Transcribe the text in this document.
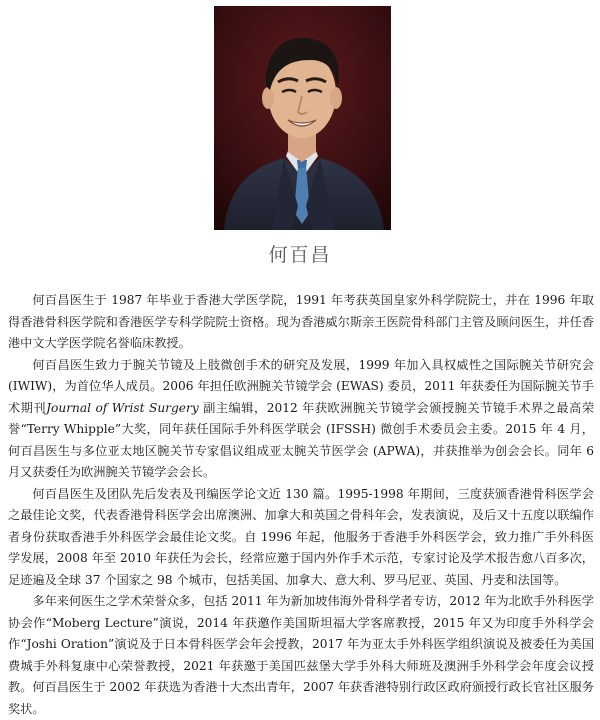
何百昌

何百昌医生于 1987 年毕业于香港大学医学院，1991 年考获英国皇家外科学院院士，并在 1996 年取得香港骨科医学院和香港医学专科学院院士资格。现为香港威尔斯亲王医院骨科部门主管及顾问医生，并任香港中文大学医学院名誉临床教授。

何百昌医生致力于腕关节镜及上肢微创手术的研究及发展，1999 年加入具权威性之国际腕关节研究会 (IWIW)，为首位华人成员。2006 年担任欧洲腕关节镜学会 (EWAS) 委员，2011 年获委任为国际腕关节手术期刊Journal of Wrist Surgery 副主编辑，2012 年获欧洲腕关节镜学会颁授腕关节镜手术界之最高荣誉“Terry Whipple”大奖，同年获任国际手外科医学联会 (IFSSH) 微创手术委员会主委。2015 年 4 月，何百昌医生与多位亚太地区腕关节专家倡议组成亚太腕关节医学会 (APWA)，并获推举为创会会长。同年 6 月又获委任为欧洲腕关节镜学会会长。

何百昌医生及团队先后发表及刊编医学论文近 130 篇。1995-1998 年期间，三度获颁香港骨科医学会之最佳论文奖，代表香港骨科医学会出席澳洲、加拿大和英国之骨科年会，发表演说，及后又十五度以联编作者身份获取香港手外科医学会最佳论文奖。自 1996 年起，他服务于香港手外科医学会，致力推广手外科医学发展，2008 年至 2010 年获任为会长，经常应邀于国内外作手术示范，专家讨论及学术报告愈八百多次，足迹遍及全球 37 个国家之 98 个城市，包括美国、加拿大、意大利、罗马尼亚、英国、丹麦和法国等。

多年来何医生之学术荣誉众多，包括 2011 年为新加坡伟海外骨科学者专访，2012 年为北欧手外科医学协会作“Moberg Lecture”演说，2014 年获邀作美国斯坦福大学客席教授，2015 年又为印度手外科学会作“Joshi Oration”演说及于日本骨科医学会年会授教，2017 年为亚太手外科医学组织演说及被委任为美国费城手外科复康中心荣誉教授，2021 年获邀于美国匹兹堡大学手外科大师班及澳洲手外科学会年度会议授教。何百昌医生于 2002 年获选为香港十大杰出青年，2007 年获香港特别行政区政府颁授行政长官社区服务奖状。
